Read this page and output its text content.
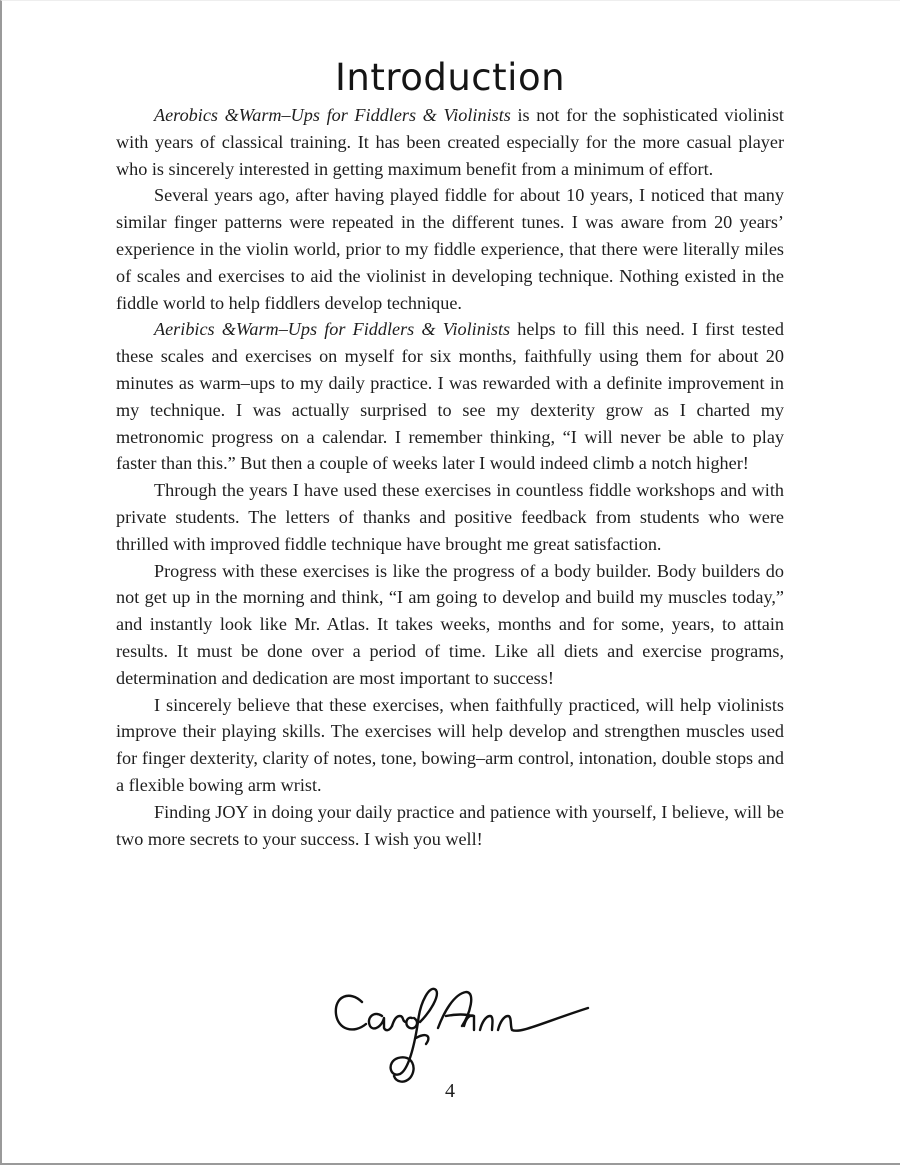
Introduction

Aerobics &Warm–Ups for Fiddlers & Violinists is not for the sophisticated violinist with years of classical training. It has been created especially for the more casual player who is sincerely interested in getting maximum benefit from a minimum of effort.

Several years ago, after having played fiddle for about 10 years, I noticed that many similar finger patterns were repeated in the different tunes. I was aware from 20 years’ experience in the violin world, prior to my fiddle experience, that there were literally miles of scales and exercises to aid the violinist in developing technique. Nothing existed in the fiddle world to help fiddlers develop technique.

Aeribics &Warm–Ups for Fiddlers & Violinists helps to fill this need. I first tested these scales and exercises on myself for six months, faithfully using them for about 20 minutes as warm–ups to my daily practice. I was rewarded with a definite improvement in my technique. I was actually surprised to see my dexterity grow as I charted my metronomic progress on a calendar. I remember thinking, “I will never be able to play faster than this.” But then a couple of weeks later I would indeed climb a notch higher!

Through the years I have used these exercises in countless fiddle workshops and with private students. The letters of thanks and positive feedback from students who were thrilled with improved fiddle technique have brought me great satisfaction.

Progress with these exercises is like the progress of a body builder. Body builders do not get up in the morning and think, “I am going to develop and build my muscles today,” and instantly look like Mr. Atlas. It takes weeks, months and for some, years, to attain results. It must be done over a period of time. Like all diets and exercise programs, determination and dedication are most important to success!

I sincerely believe that these exercises, when faithfully practiced, will help violinists improve their playing skills. The exercises will help develop and strengthen muscles used for finger dexterity, clarity of notes, tone, bowing–arm control, intonation, double stops and a flexible bowing arm wrist.

Finding JOY in doing your daily practice and patience with yourself, I believe, will be two more secrets to your success. I wish you well!

4
